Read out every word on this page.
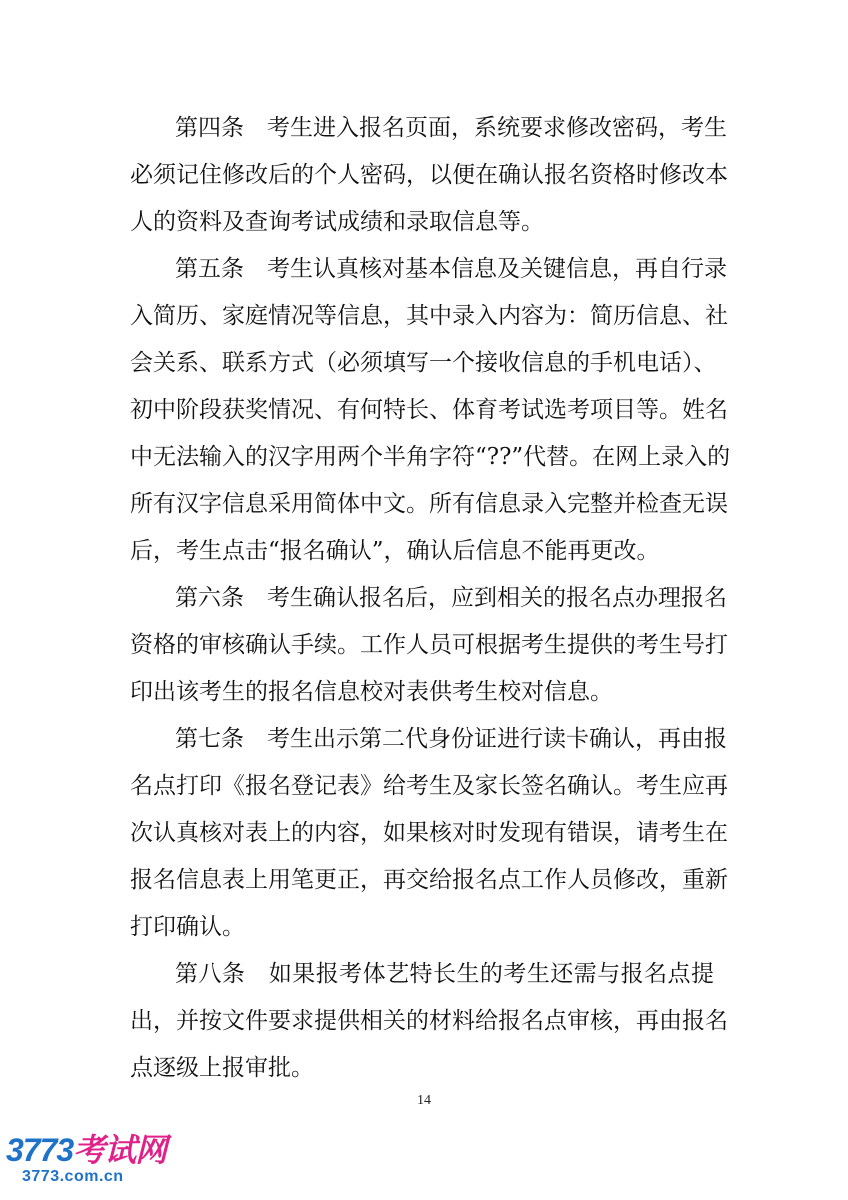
第四条　考生进入报名页面，系统要求修改密码，考生
必须记住修改后的个人密码，以便在确认报名资格时修改本
人的资料及查询考试成绩和录取信息等。
第五条　考生认真核对基本信息及关键信息，再自行录
入简历、家庭情况等信息，其中录入内容为：简历信息、社
会关系、联系方式（必须填写一个接收信息的手机电话）、
初中阶段获奖情况、有何特长、体育考试选考项目等。姓名
中无法输入的汉字用两个半角字符“??”代替。在网上录入的
所有汉字信息采用简体中文。所有信息录入完整并检查无误
后，考生点击“报名确认”，确认后信息不能再更改。
第六条　考生确认报名后，应到相关的报名点办理报名
资格的审核确认手续。工作人员可根据考生提供的考生号打
印出该考生的报名信息校对表供考生校对信息。
第七条　考生出示第二代身份证进行读卡确认，再由报
名点打印《报名登记表》给考生及家长签名确认。考生应再
次认真核对表上的内容，如果核对时发现有错误，请考生在
报名信息表上用笔更正，再交给报名点工作人员修改，重新
打印确认。
第八条　如果报考体艺特长生的考生还需与报名点提
出，并按文件要求提供相关的材料给报名点审核，再由报名
点逐级上报审批。
14
3773考试网
3773.com.cn
